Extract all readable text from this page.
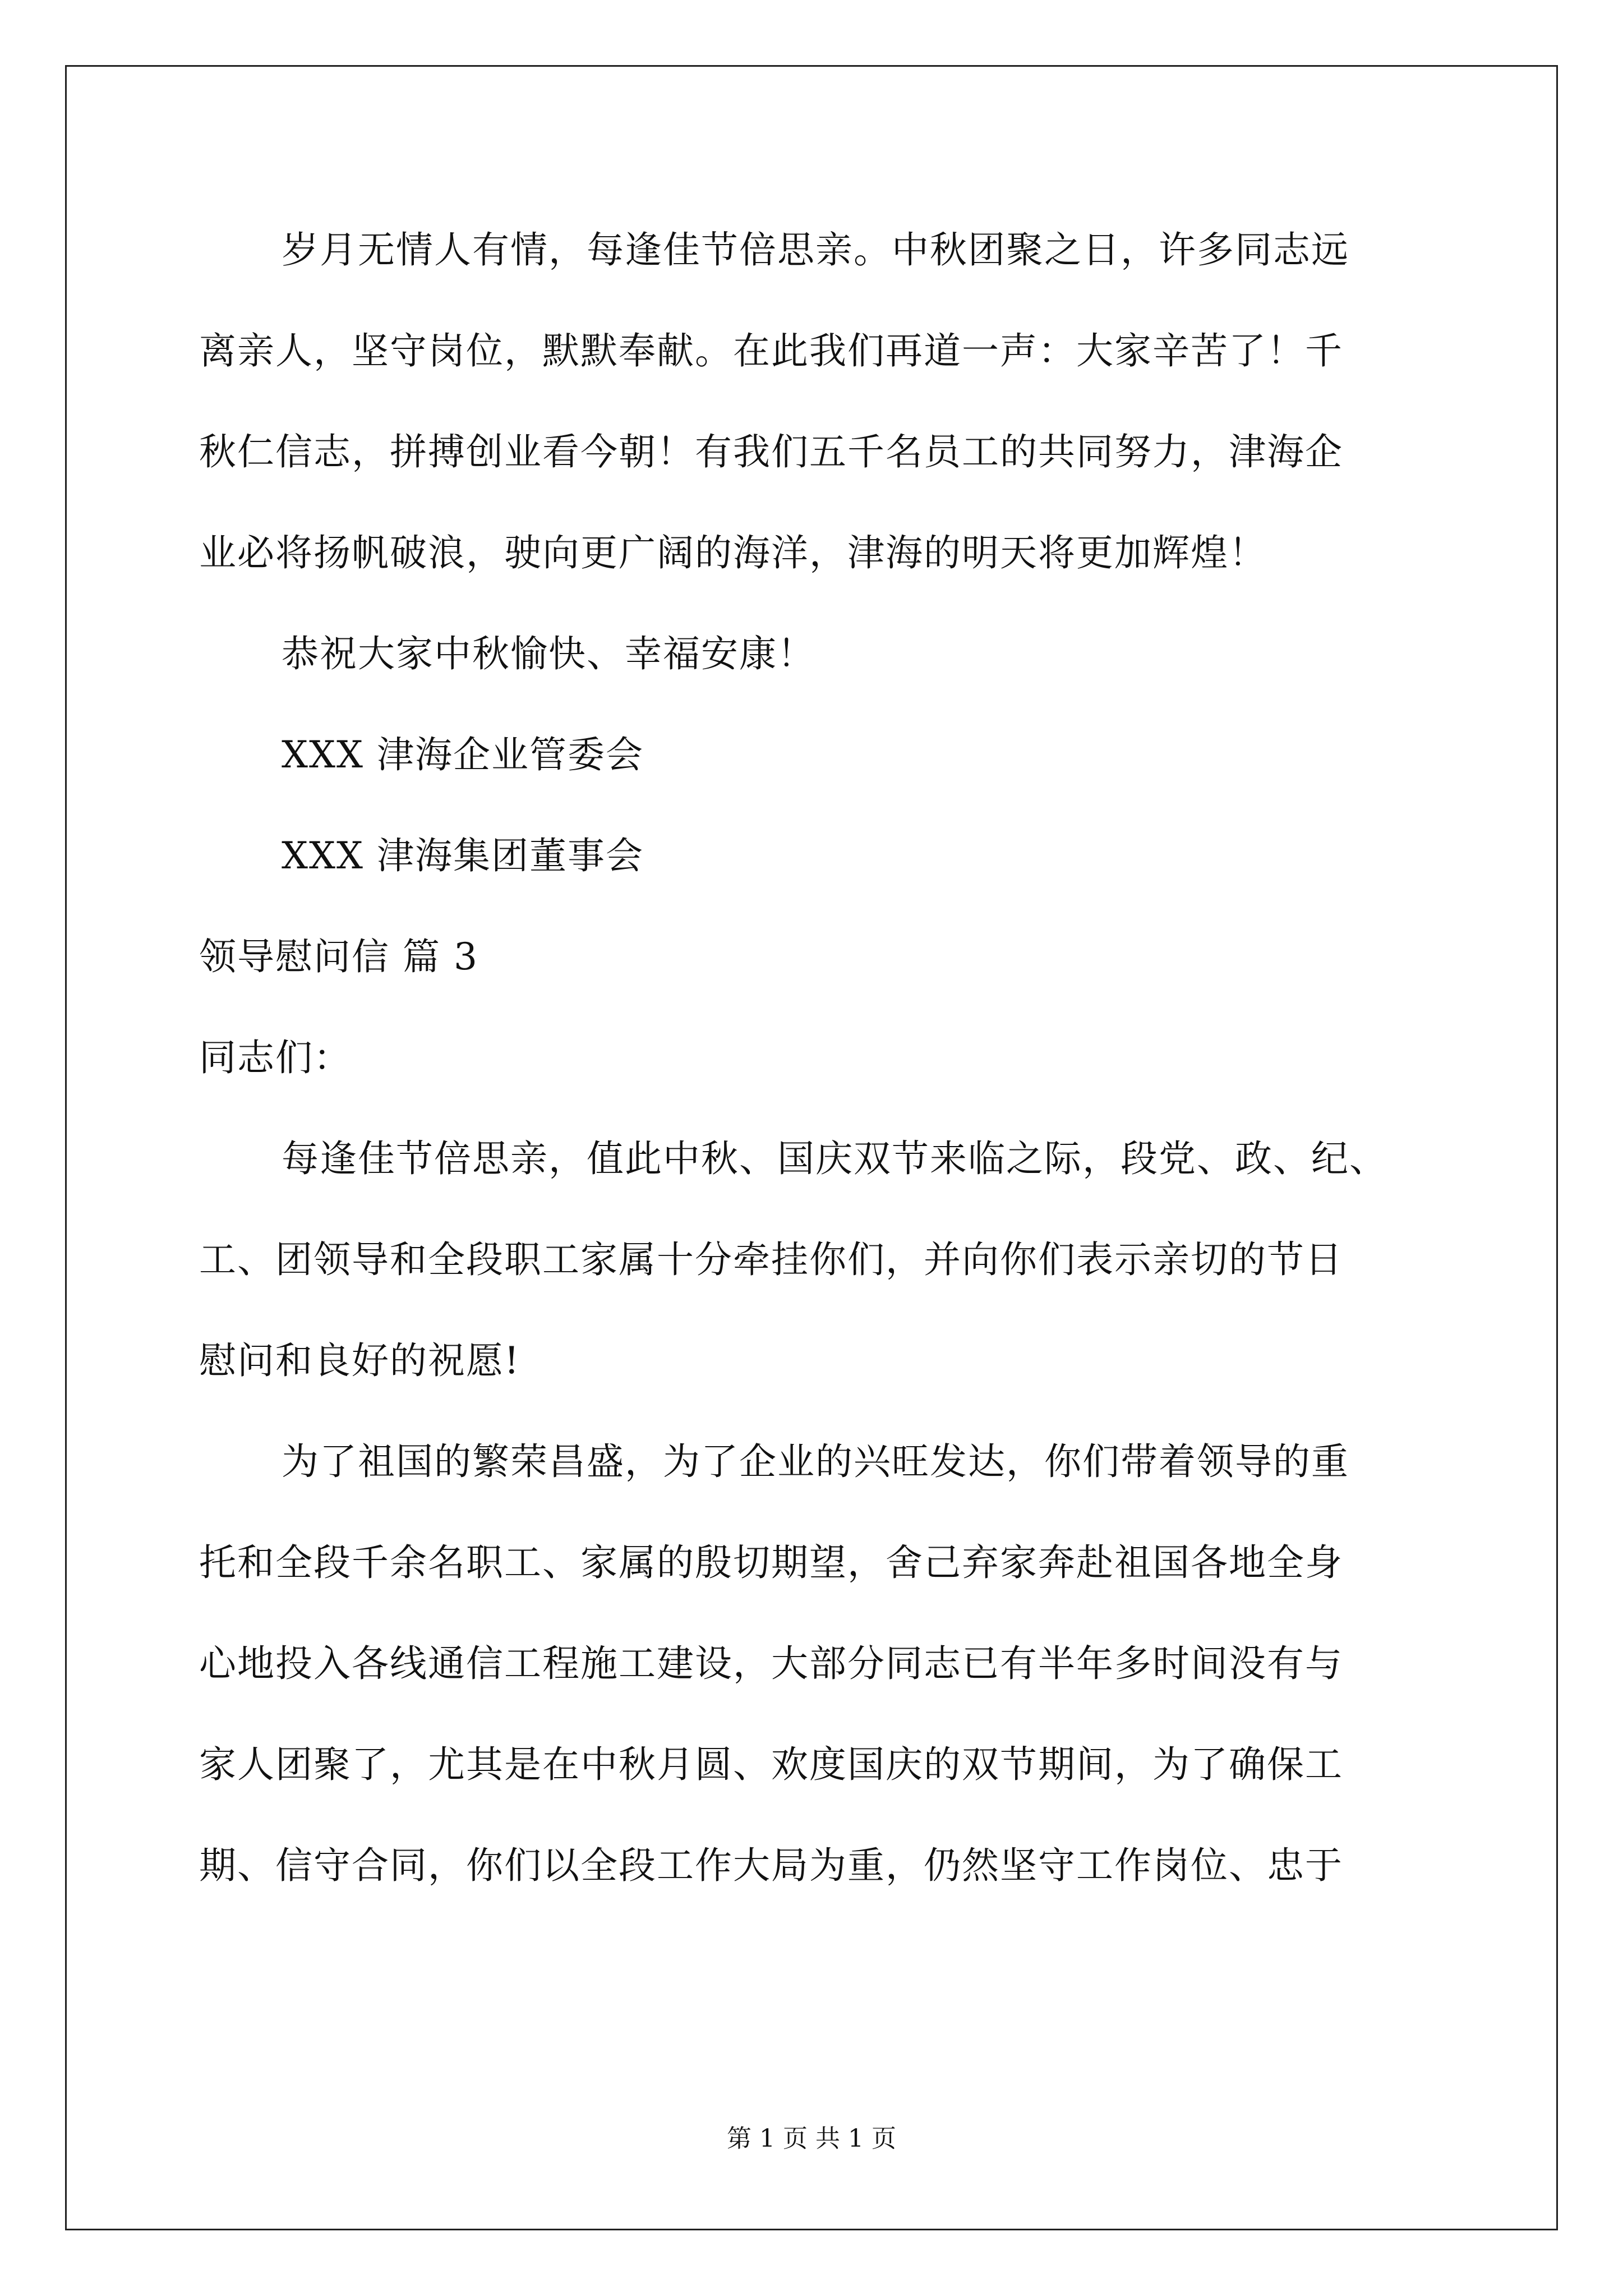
岁月无情人有情，每逢佳节倍思亲。中秋团聚之日，许多同志远
离亲人，坚守岗位，默默奉献。在此我们再道一声：大家辛苦了！千
秋仁信志，拼搏创业看今朝！有我们五千名员工的共同努力，津海企
业必将扬帆破浪，驶向更广阔的海洋，津海的明天将更加辉煌！
恭祝大家中秋愉快、幸福安康！
XXX 津海企业管委会
XXX 津海集团董事会
领导慰问信 篇 3
同志们：
每逢佳节倍思亲，值此中秋、国庆双节来临之际，段党、政、纪、
工、团领导和全段职工家属十分牵挂你们，并向你们表示亲切的节日
慰问和良好的祝愿!
为了祖国的繁荣昌盛，为了企业的兴旺发达，你们带着领导的重
托和全段千余名职工、家属的殷切期望，舍己弃家奔赴祖国各地全身
心地投入各线通信工程施工建设，大部分同志已有半年多时间没有与
家人团聚了，尤其是在中秋月圆、欢度国庆的双节期间，为了确保工
期、信守合同，你们以全段工作大局为重，仍然坚守工作岗位、忠于
第 1 页 共 1 页
